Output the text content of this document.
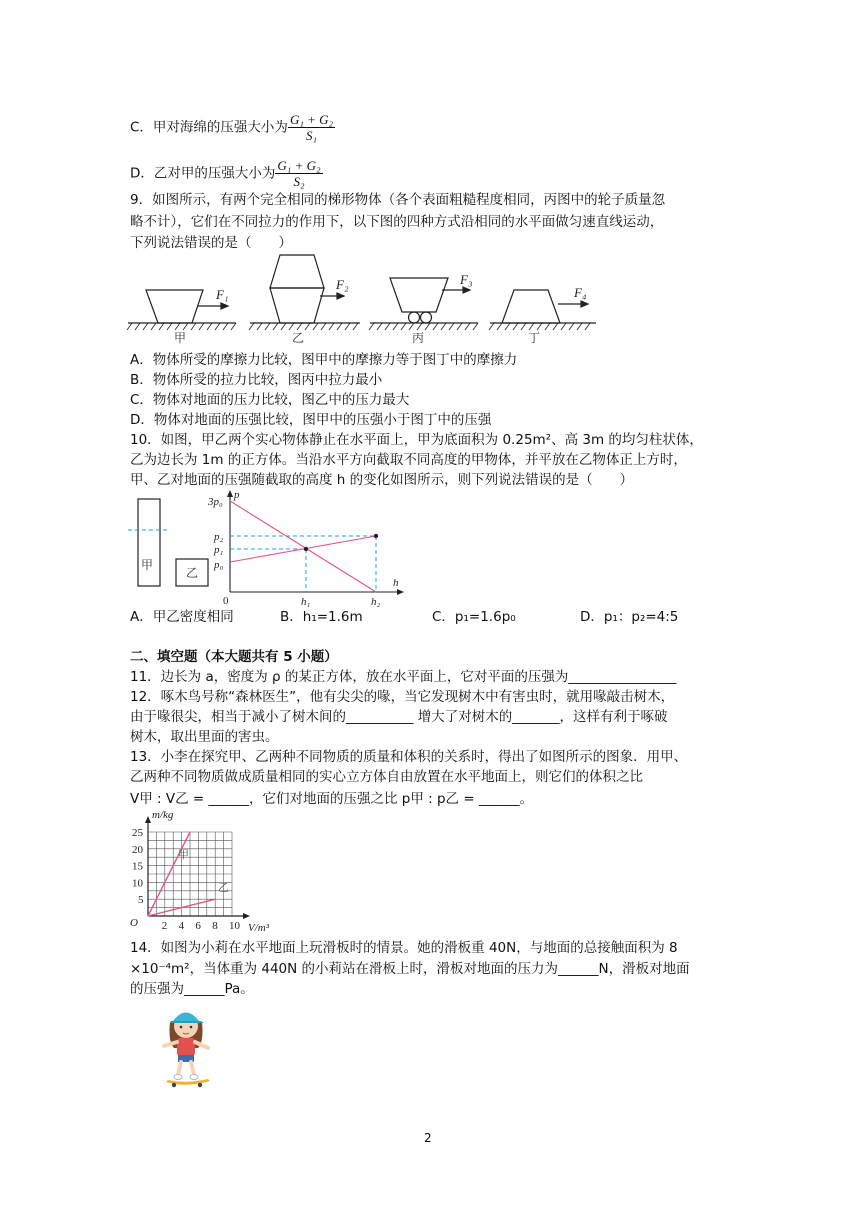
C．甲对海绵的压强大小为 $\frac{\text{G₁ + G₂}}{\text{S₁}}$
D．乙对甲的压强大小为 $\frac{\text{G₁ + G₂}}{\text{S₂}}$
9．如图所示，有两个完全相同的梯形物体（各个表面粗糙程度相同，丙图中的轮子质量忽
略不计），它们在不同拉力的作用下，以下图的四种方式沿相同的水平面做匀速直线运动，
下列说法错误的是（　　）
F₁
F₂	F₃
F₄
甲	乙	丙	丁
A．物体所受的摩擦力比较，图甲中的摩擦力等于图丁中的摩擦力
B．物体所受的拉力比较，图丙中拉力最小
C．物体对地面的压力比较，图乙中的压力最大
D．物体对地面的压强比较，图甲中的压强小于图丁中的压强
10．如图，甲乙两个实心物体静止在水平面上，甲为底面积为 0.25m²、高 3m 的均匀柱状体，
乙为边长为 1m 的正方体。当沿水平方向截取不同高度的甲物体，并平放在乙物体正上方时，
甲、乙对地面的压强随截取的高度 h 的变化如图所示，则下列说法错误的是（　　）
甲
乙
p
h
3p₀
p₂
p₁
p₀
h₁	h₂
0
A．甲乙密度相同	B．h₁=1.6m	C．p₁=1.6p₀	D．p₁：p₂=4:5
二、填空题（本大题共有 5 小题）
11．边长为 a，密度为 ρ 的某正方体，放在水平面上，它对平面的压强为________________
12．啄木鸟号称“森林医生”，他有尖尖的喙，当它发现树木中有害虫时，就用喙敲击树木，
由于喙很尖，相当于减小了树木间的__________ 增大了对树木的_______，这样有利于啄破
树木，取出里面的害虫。
13．小李在探究甲、乙两种不同物质的质量和体积的关系时，得出了如图所示的图象．用甲、
乙两种不同物质做成质量相同的实心立方体自由放置在水平地面上，则它们的体积之比
V甲 : V乙 = ______，它们对地面的压强之比 p甲 : p乙 = ______。
2 4 6 8 10
5
10
15
20
25
m/kg
V/m³
O
甲
乙
14．如图为小莉在水平地面上玩滑板时的情景。她的滑板重 40N，与地面的总接触面积为 8
×10⁻⁴m²，当体重为 440N 的小莉站在滑板上时，滑板对地面的压力为______N，滑板对地面
的压强为______Pa。
2
